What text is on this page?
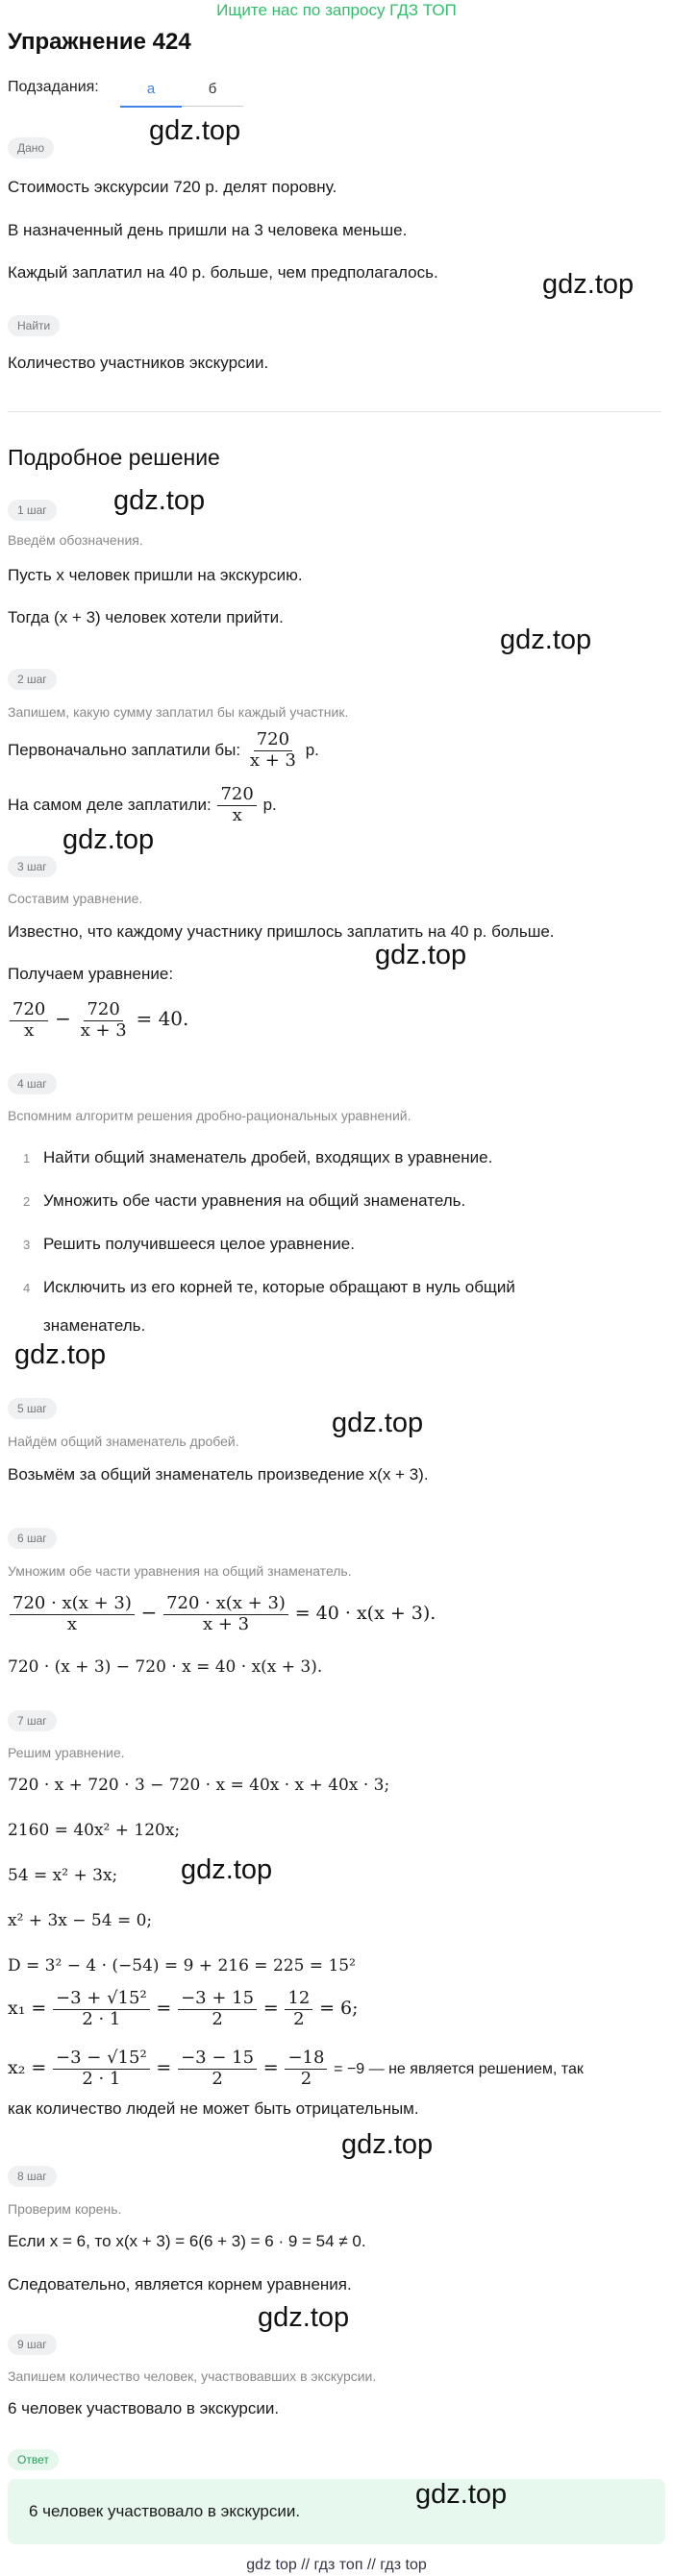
Ищите нас по запросу ГДЗ ТОП
Упражнение 424
Подзадания:	а	б
Дано
gdz.top
Стоимость экскурсии 720 р. делят поровну.
В назначенный день пришли на 3 человека меньше.
Каждый заплатил на 40 р. больше, чем предполагалось.	gdz.top
Найти
Количество участников экскурсии.
Подробное решение
1 шаг	gdz.top
Введём обозначения.
Пусть x человек пришли на экскурсию.
Тогда (x + 3) человек хотели прийти.
gdz.top
2 шаг
Запишем, какую сумму заплатил бы каждый участник.
Первоначально заплатили бы: $\frac{720}{x + 3} р$.
На самом деле заплатили: $\frac{720}{x} р$.
gdz.top
3 шаг
Составим уравнение.
Известно, что каждому участнику пришлось заплатить на 40 р. больше.
gdz.top
Получаем уравнение:
$\frac{720}{x} - \frac{720}{x + 3} = 40$.
4 шаг
Вспомним алгоритм решения дробно-рациональных уравнений.
1 Найти общий знаменатель дробей, входящих в уравнение.
2 Умножить обе части уравнения на общий знаменатель.
3 Решить получившееся целое уравнение.
4 Исключить из его корней те, которые обращают в нуль общий
знаменатель.
gdz.top
5 шаг	gdz.top
Найдём общий знаменатель дробей.
Возьмём за общий знаменатель произведение x(x + 3).
6 шаг
Умножим обе части уравнения на общий знаменатель.
$\frac{720 \cdot x(x + 3)}{x} - \frac{720 \cdot x(x + 3)}{x + 3} = 40 \cdot x(x + 3)$.
720 · (x + 3) − 720 · x = 40 · x(x + 3).
7 шаг
Решим уравнение.
720 · x + 720 · 3 − 720 · x = 40x · x + 40x · 3;
2160 = 40x² + 120x;
54 = x² + 3x; gdz.top
x² + 3x − 54 = 0;
D = 3² − 4 · (−54) = 9 + 216 = 225 = 15²
$x_1 = \frac{\text{−3 + √15²}}{2 \cdot 1} = \frac{-3 + 15}{2} = \frac{12}{2} = 6$;
$x_2 = \frac{\text{−3 − √15²}}{2 \cdot 1} = \frac{-3 - 15}{2} = \frac{-18}{2} = -9$ — не является решением, так
как количество людей не может быть отрицательным.
gdz.top
8 шаг
Проверим корень.
Если x = 6, то x(x + 3) = 6(6 + 3) = 6 · 9 = 54 ≠ 0.
Следовательно, является корнем уравнения.
gdz.top
9 шаг
Запишем количество человек, участвовавших в экскурсии.
6 человек участвовало в экскурсии.
Ответ
6 человек участвовало в экскурсии.
gdz.top
gdz top // гдз топ // гдз top
